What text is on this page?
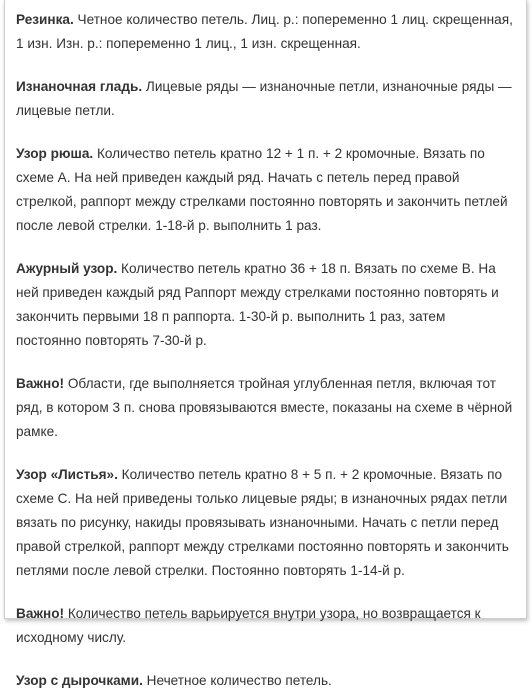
Резинка. Четное количество петель. Лиц. р.: попеременно 1 лиц. скрещенная, 1 изн. Изн. р.: попеременно 1 лиц., 1 изн. скрещенная.

Изнаночная гладь. Лицевые ряды — изнаночные петли, изнаночные ряды — лицевые петли.

Узор рюша. Количество петель кратно 12 + 1 п. + 2 кромочные. Вязать по схеме А. На ней приведен каждый ряд. Начать с петель перед правой стрелкой, раппорт между стрелками постоянно повторять и закончить петлей после левой стрелки. 1-18-й р. выполнить 1 раз.

Ажурный узор. Количество петель кратно 36 + 18 п. Вязать по схеме В. На ней приведен каждый ряд Раппорт между стрелками постоянно повторять и закончить первыми 18 п раппорта. 1-30-й р. выполнить 1 раз, затем постоянно повторять 7-30-й р.

Важно! Области, где выполняется тройная углубленная петля, включая тот ряд, в котором 3 п. снова провязываются вместе, показаны на схеме в чёрной рамке.

Узор «Листья». Количество петель кратно 8 + 5 п. + 2 кромочные. Вязать по схеме С. На ней приведены только лицевые ряды; в изнаночных рядах петли вязать по рисунку, накиды провязывать изнаночными. Начать с петли перед правой стрелкой, раппорт между стрелками постоянно повторять и закончить петлями после левой стрелки. Постоянно повторять 1-14-й р.

Важно! Количество петель варьируется внутри узора, но возвращается к исходному числу.

Узор с дырочками. Нечетное количество петель.
